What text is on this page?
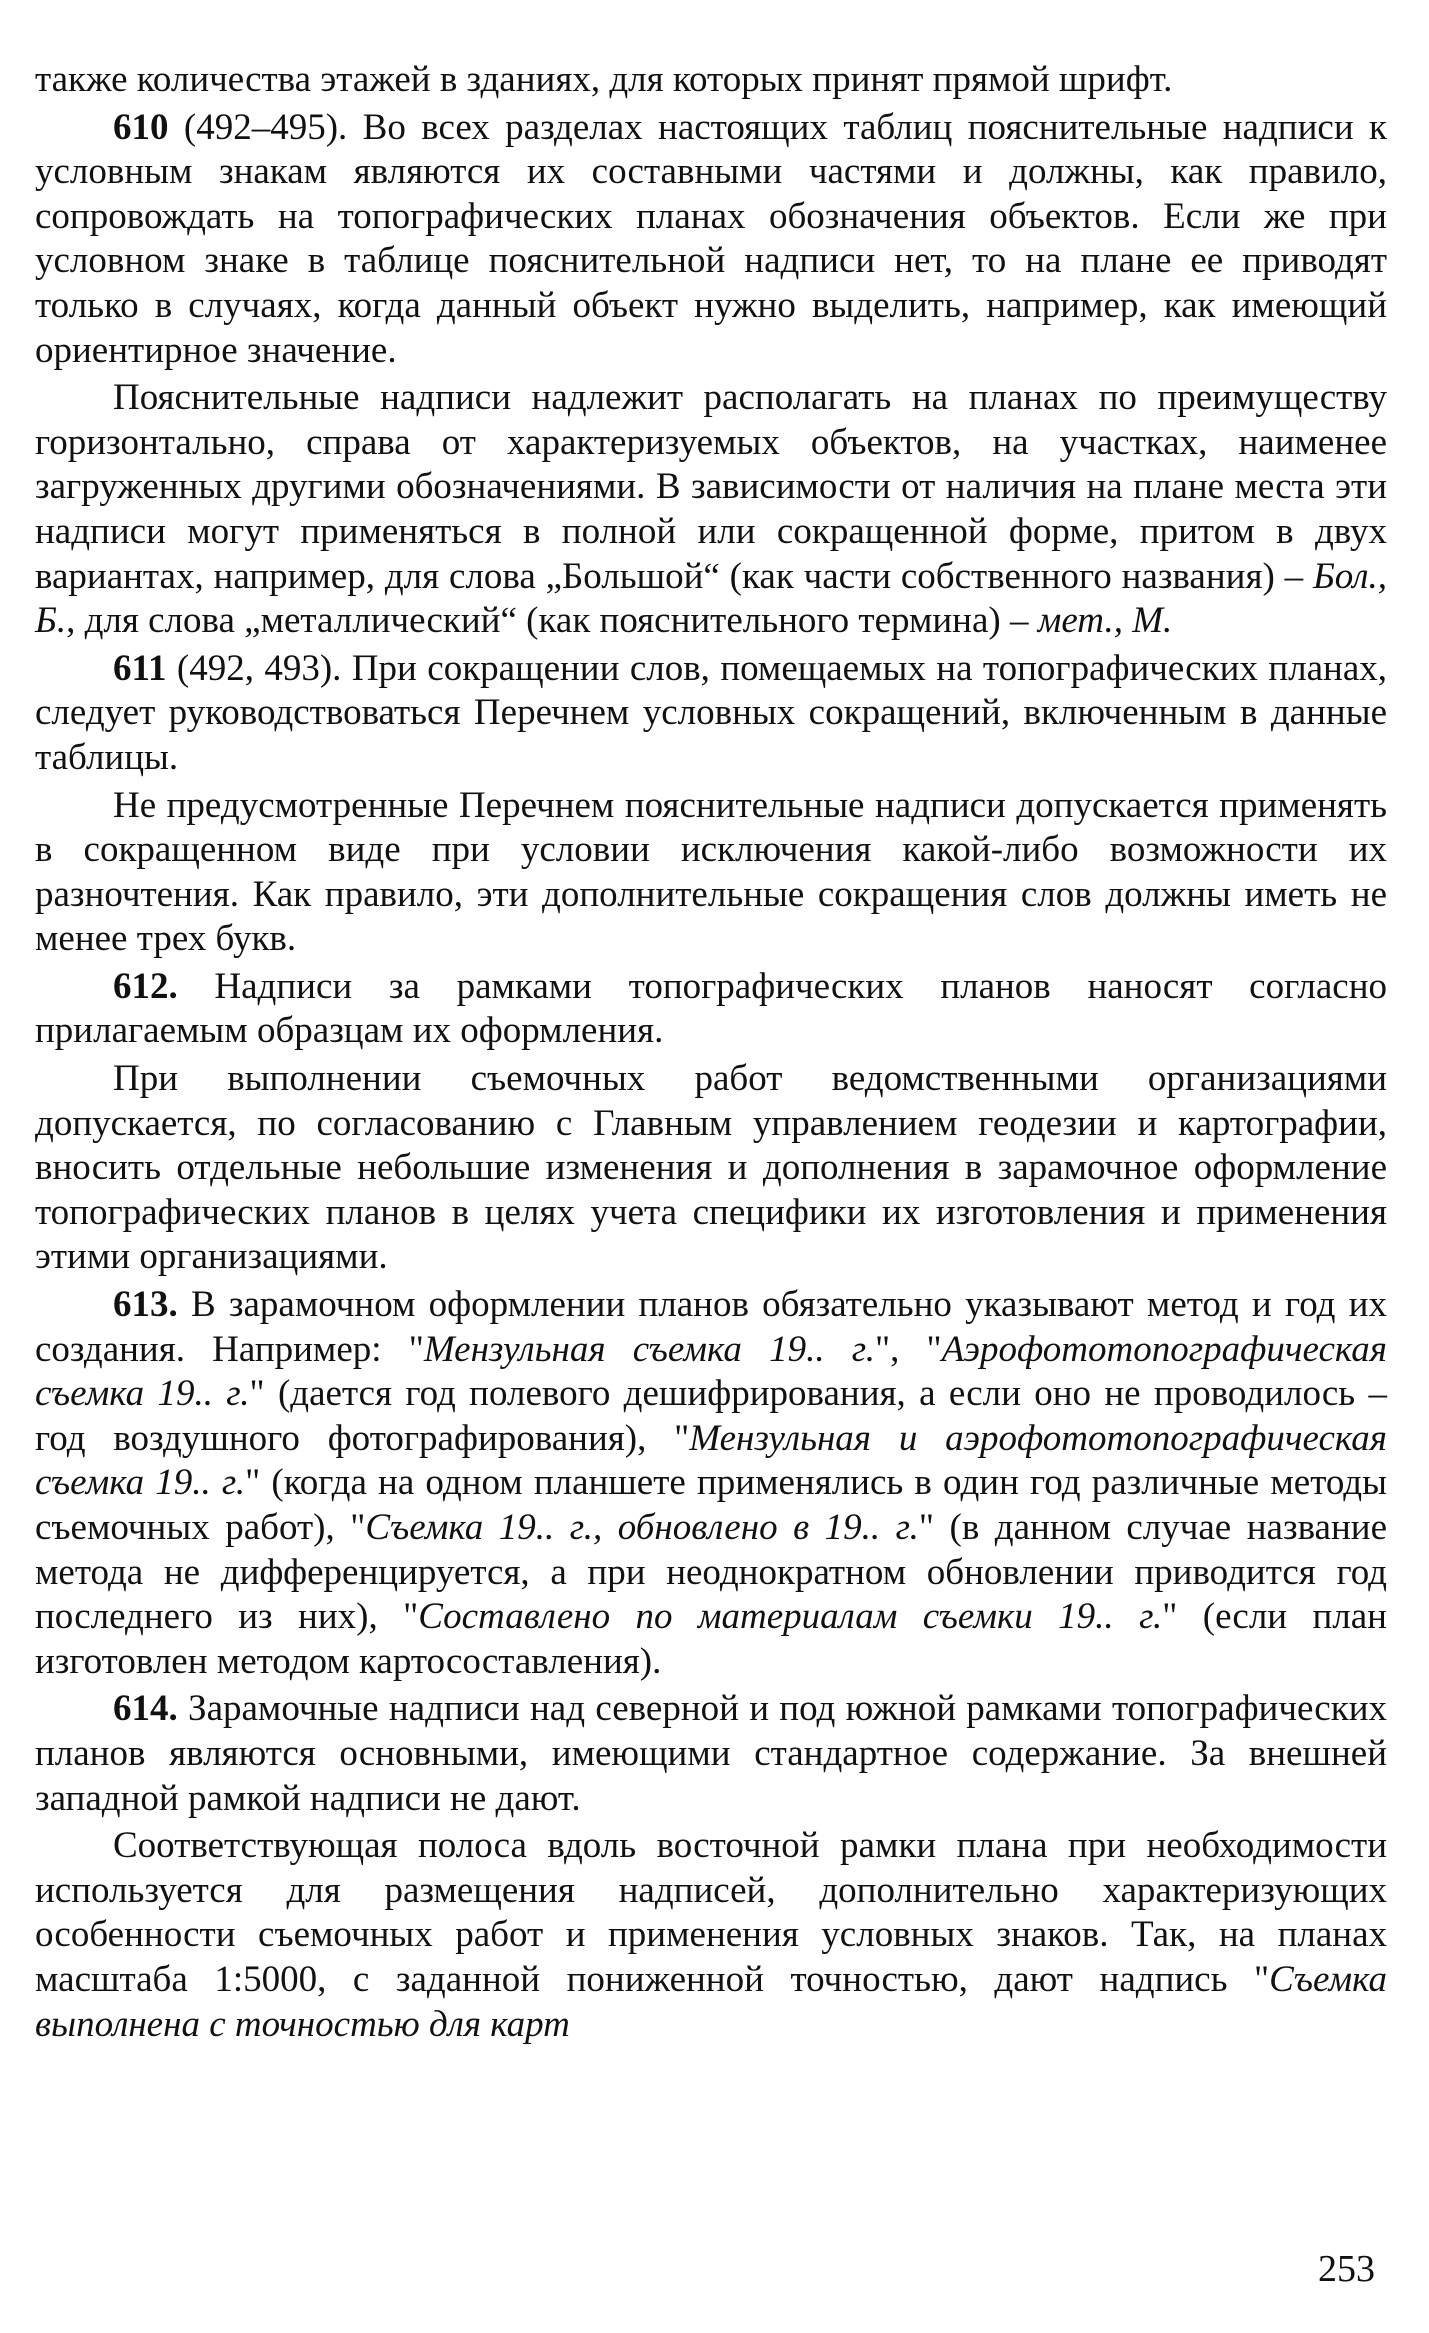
также количества этажей в зданиях, для которых принят прямой шрифт.

610 (492–495). Во всех разделах настоящих таблиц пояснительные надписи к условным знакам являются их составными частями и должны, как правило, сопровождать на топографических планах обозначения объектов. Если же при условном знаке в таблице пояснительной надписи нет, то на плане ее приводят только в случаях, когда данный объект нужно выделить, например, как имеющий ориентирное значение.

Пояснительные надписи надлежит располагать на планах по преимуществу горизонтально, справа от характеризуемых объектов, на участках, наименее загруженных другими обозначениями. В зависимости от наличия на плане места эти надписи могут применяться в полной или сокращенной форме, притом в двух вариантах, например, для слова „Большой“ (как части собственного названия) – Бол., Б., для слова „металлический“ (как пояснительного термина) – мет., М.

611 (492, 493). При сокращении слов, помещаемых на топографических планах, следует руководствоваться Перечнем условных сокращений, включенным в данные таблицы.

Не предусмотренные Перечнем пояснительные надписи допускается применять в сокращенном виде при условии исключения какой-либо возможности их разночтения. Как правило, эти дополнительные сокращения слов должны иметь не менее трех букв.

612. Надписи за рамками топографических планов наносят согласно прилагаемым образцам их оформления.

При выполнении съемочных работ ведомственными организациями допускается, по согласованию с Главным управлением геодезии и картографии, вносить отдельные небольшие изменения и дополнения в зарамочное оформление топографических планов в целях учета специфики их изготовления и применения этими организациями.

613. В зарамочном оформлении планов обязательно указывают метод и год их создания. Например: "Мензульная съемка 19.. г.", "Аэрофототопографическая съемка 19.. г." (дается год полевого дешифрирования, а если оно не проводилось – год воздушного фотографирования), "Мензульная и аэрофототопографическая съемка 19.. г." (когда на одном планшете применялись в один год различные методы съемочных работ), "Съемка 19.. г., обновлено в 19.. г." (в данном случае название метода не дифференцируется, а при неоднократном обновлении приводится год последнего из них), "Составлено по материалам съемки 19.. г." (если план изготовлен методом картосоставления).

614. Зарамочные надписи над северной и под южной рамками топографических планов являются основными, имеющими стандартное содержание. За внешней западной рамкой надписи не дают.

Соответствующая полоса вдоль восточной рамки плана при необходимости используется для размещения надписей, дополнительно характеризующих особенности съемочных работ и применения условных знаков. Так, на планах масштаба 1:5000, с заданной пониженной точностью, дают надпись "Съемка выполнена с точностью для карт

253
